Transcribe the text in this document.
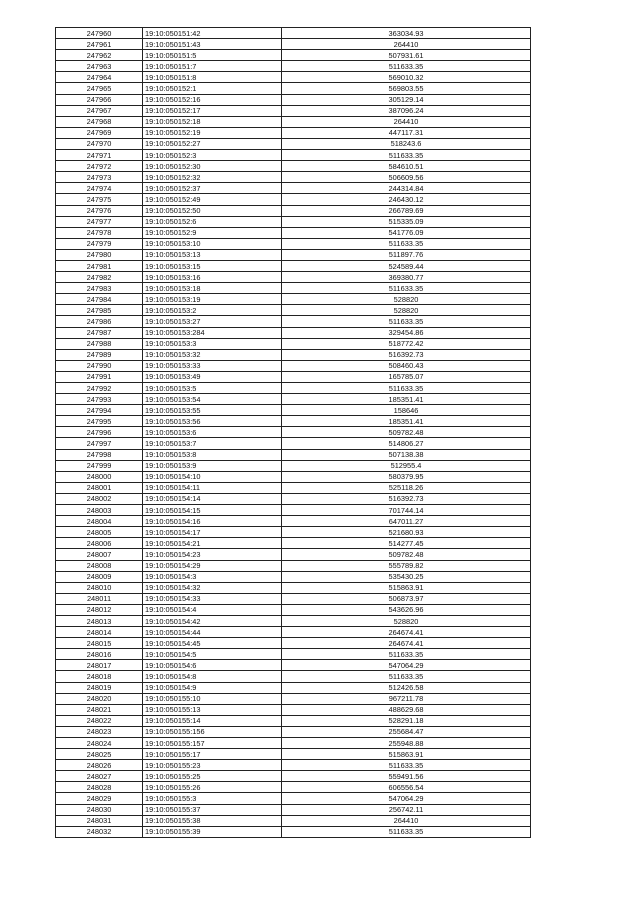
247960	19:10:050151:42	363034.93
247961	19:10:050151:43	264410
247962	19:10:050151:5	507931.61
247963	19:10:050151:7	511633.35
247964	19:10:050151:8	569010.32
247965	19:10:050152:1	569803.55
247966	19:10:050152:16	305129.14
247967	19:10:050152:17	387096.24
247968	19:10:050152:18	264410
247969	19:10:050152:19	447117.31
247970	19:10:050152:27	518243.6
247971	19:10:050152:3	511633.35
247972	19:10:050152:30	584610.51
247973	19:10:050152:32	506609.56
247974	19:10:050152:37	244314.84
247975	19:10:050152:49	246430.12
247976	19:10:050152:50	266789.69
247977	19:10:050152:6	515335.09
247978	19:10:050152:9	541776.09
247979	19:10:050153:10	511633.35
247980	19:10:050153:13	511897.76
247981	19:10:050153:15	524589.44
247982	19:10:050153:16	369380.77
247983	19:10:050153:18	511633.35
247984	19:10:050153:19	528820
247985	19:10:050153:2	528820
247986	19:10:050153:27	511633.35
247987	19:10:050153:284	329454.86
247988	19:10:050153:3	518772.42
247989	19:10:050153:32	516392.73
247990	19:10:050153:33	508460.43
247991	19:10:050153:49	165785.07
247992	19:10:050153:5	511633.35
247993	19:10:050153:54	185351.41
247994	19:10:050153:55	158646
247995	19:10:050153:56	185351.41
247996	19:10:050153:6	509782.48
247997	19:10:050153:7	514806.27
247998	19:10:050153:8	507138.38
247999	19:10:050153:9	512955.4
248000	19:10:050154:10	580379.95
248001	19:10:050154:11	525118.26
248002	19:10:050154:14	516392.73
248003	19:10:050154:15	701744.14
248004	19:10:050154:16	647011.27
248005	19:10:050154:17	521680.93
248006	19:10:050154:21	514277.45
248007	19:10:050154:23	509782.48
248008	19:10:050154:29	555789.82
248009	19:10:050154:3	535430.25
248010	19:10:050154:32	515863.91
248011	19:10:050154:33	506873.97
248012	19:10:050154:4	543626.96
248013	19:10:050154:42	528820
248014	19:10:050154:44	264674.41
248015	19:10:050154:45	264674.41
248016	19:10:050154:5	511633.35
248017	19:10:050154:6	547064.29
248018	19:10:050154:8	511633.35
248019	19:10:050154:9	512426.58
248020	19:10:050155:10	967211.78
248021	19:10:050155:13	488629.68
248022	19:10:050155:14	528291.18
248023	19:10:050155:156	255684.47
248024	19:10:050155:157	255948.88
248025	19:10:050155:17	515863.91
248026	19:10:050155:23	511633.35
248027	19:10:050155:25	559491.56
248028	19:10:050155:26	606556.54
248029	19:10:050155:3	547064.29
248030	19:10:050155:37	256742.11
248031	19:10:050155:38	264410
248032	19:10:050155:39	511633.35
